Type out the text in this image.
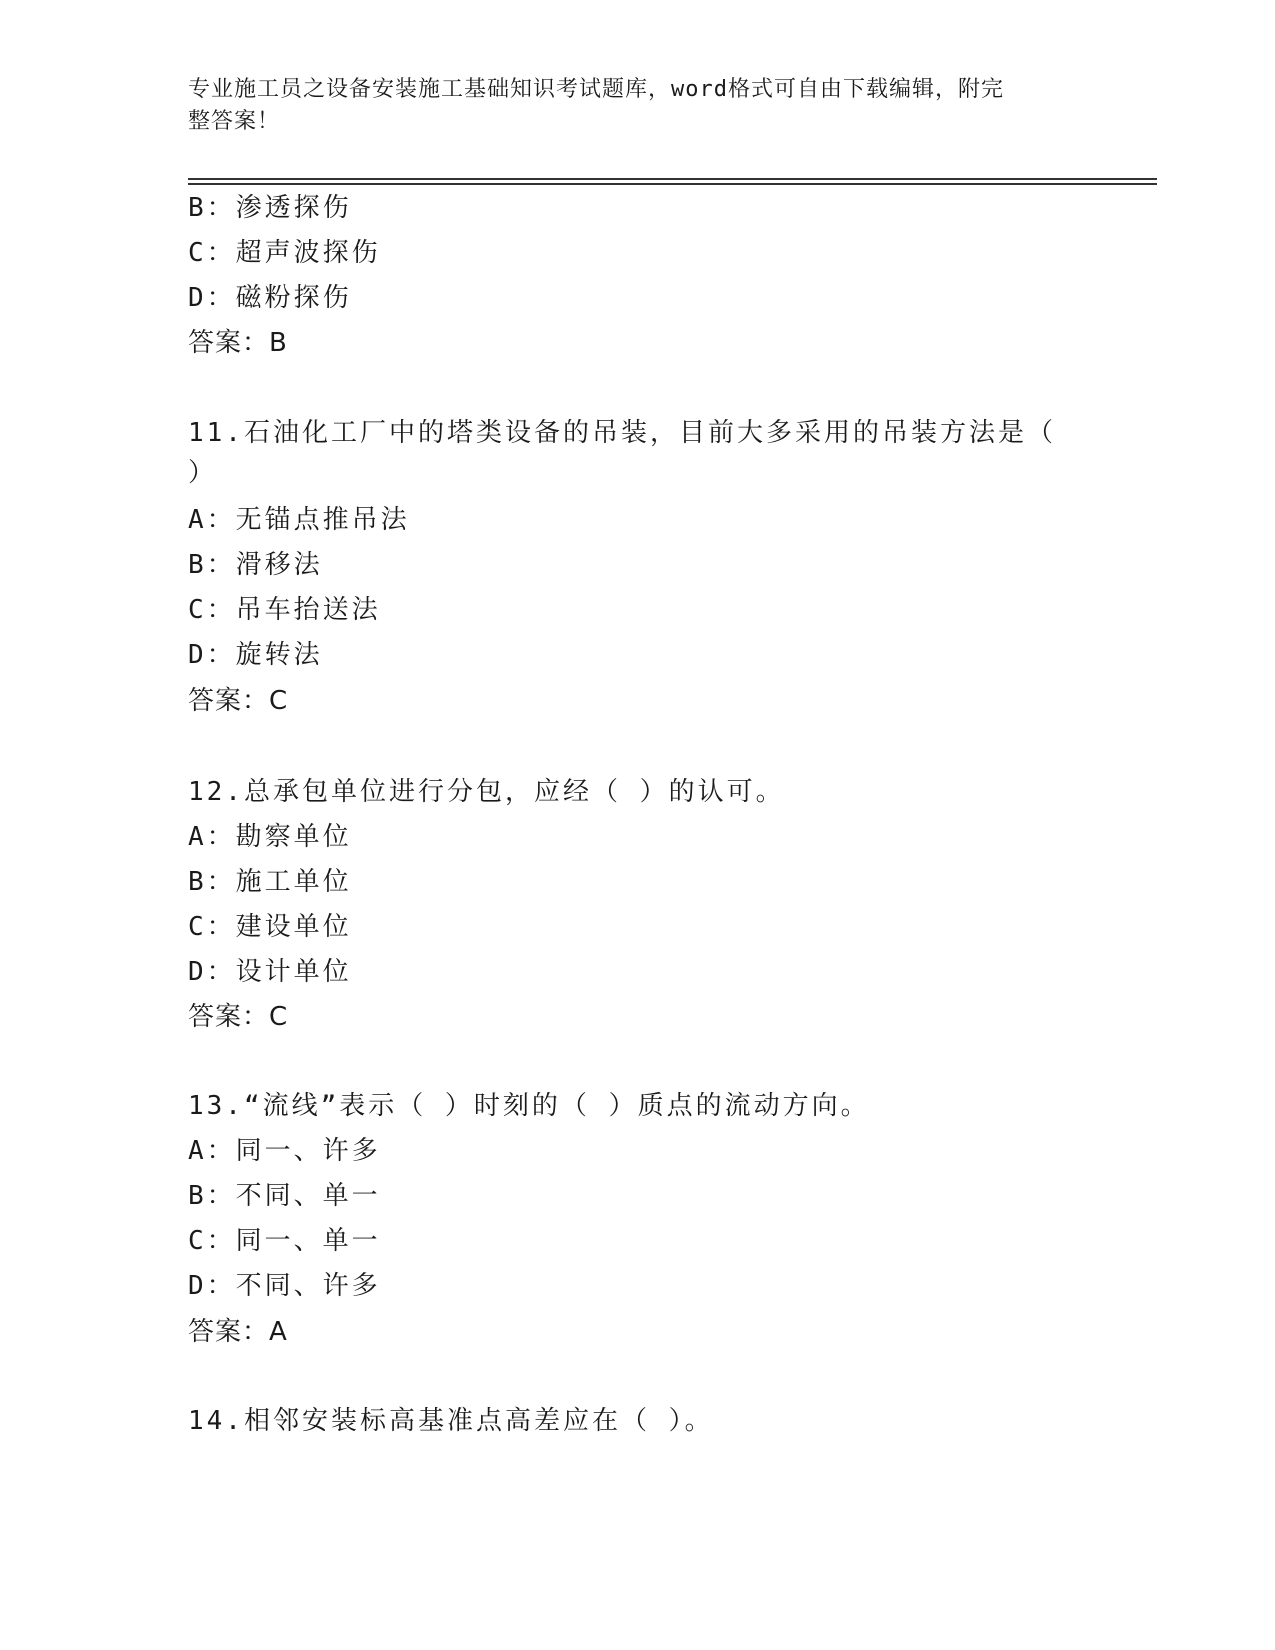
专业施工员之设备安装施工基础知识考试题库，word格式可自由下载编辑，附完
整答案！
B：渗透探伤
C：超声波探伤
D：磁粉探伤
答案：B
11.石油化工厂中的塔类设备的吊装，目前大多采用的吊装方法是（
）
A：无锚点推吊法
B：滑移法
C：吊车抬送法
D：旋转法
答案：C
12.总承包单位进行分包，应经（ ）的认可。
A：勘察单位
B：施工单位
C：建设单位
D：设计单位
答案：C
13.“流线”表示（ ）时刻的（ ）质点的流动方向。
A：同一、许多
B：不同、单一
C：同一、单一
D：不同、许多
答案：A
14.相邻安装标高基准点高差应在（ ）。
